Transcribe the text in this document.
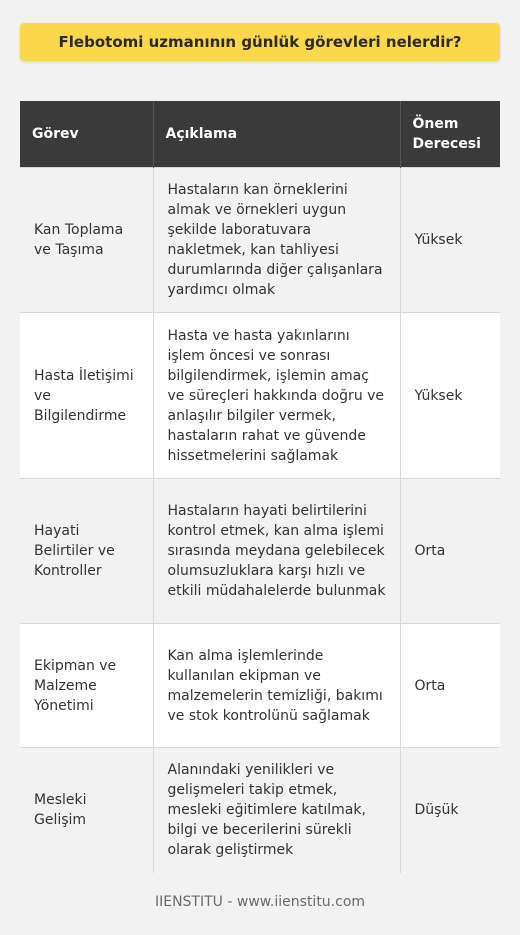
Flebotomi uzmanının günlük görevleri nelerdir?
Görev	Açıklama	Önem Derecesi
Kan Toplama ve Taşıma	Hastaların kan örneklerini almak ve örnekleri uygun şekilde laboratuvara nakletmek, kan tahliyesi durumlarında diğer çalışanlara yardımcı olmak	Yüksek
Hasta İletişimi ve Bilgilendirme	Hasta ve hasta yakınlarını işlem öncesi ve sonrası bilgilendirmek, işlemin amaç ve süreçleri hakkında doğru ve anlaşılır bilgiler vermek, hastaların rahat ve güvende hissetmelerini sağlamak	Yüksek
Hayati Belirtiler ve Kontroller	Hastaların hayati belirtilerini kontrol etmek, kan alma işlemi sırasında meydana gelebilecek olumsuzluklara karşı hızlı ve etkili müdahalelerde bulunmak	Orta
Ekipman ve Malzeme Yönetimi	Kan alma işlemlerinde kullanılan ekipman ve malzemelerin temizliği, bakımı ve stok kontrolünü sağlamak	Orta
Mesleki Gelişim	Alanındaki yenilikleri ve gelişmeleri takip etmek, mesleki eğitimlere katılmak, bilgi ve becerilerini sürekli olarak geliştirmek	Düşük
IIENSTITU - www.iienstitu.com
